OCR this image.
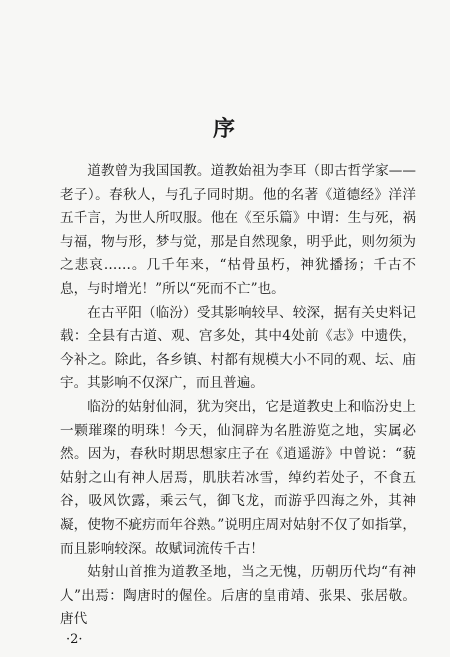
序

道教曾为我国国教。道教始祖为李耳（即古哲学家——老子）。春秋人，与孔子同时期。他的名著《道德经》洋洋五千言，为世人所叹服。他在《至乐篇》中谓：生与死，祸与福，物与形，梦与觉，那是自然现象，明乎此，则勿须为之悲哀……。几千年来，“枯骨虽朽，神犹播扬；千古不息，与时增光！”所以“死而不亡”也。

在古平阳（临汾）受其影响较早、较深，据有关史料记载：全县有古道、观、宫多处，其中4处前《志》中遗佚，今补之。除此，各乡镇、村都有规模大小不同的观、坛、庙宇。其影响不仅深广，而且普遍。

临汾的姑射仙洞，犹为突出，它是道教史上和临汾史上一颗璀璨的明珠！今天，仙洞辟为名胜游览之地，实属必然。因为，春秋时期思想家庄子在《逍遥游》中曾说：“藐姑射之山有神人居焉，肌肤若冰雪，绰约若处子，不食五谷，吸风饮露，乘云气，御飞龙，而游乎四海之外，其神凝，使物不疵疠而年谷熟。”说明庄周对姑射不仅了如指掌，而且影响较深。故赋词流传千古！

姑射山首推为道教圣地，当之无愧，历朝历代均“有神人”出焉：陶唐时的偓佺。后唐的皇甫靖、张果、张居敬。唐代

·2·
